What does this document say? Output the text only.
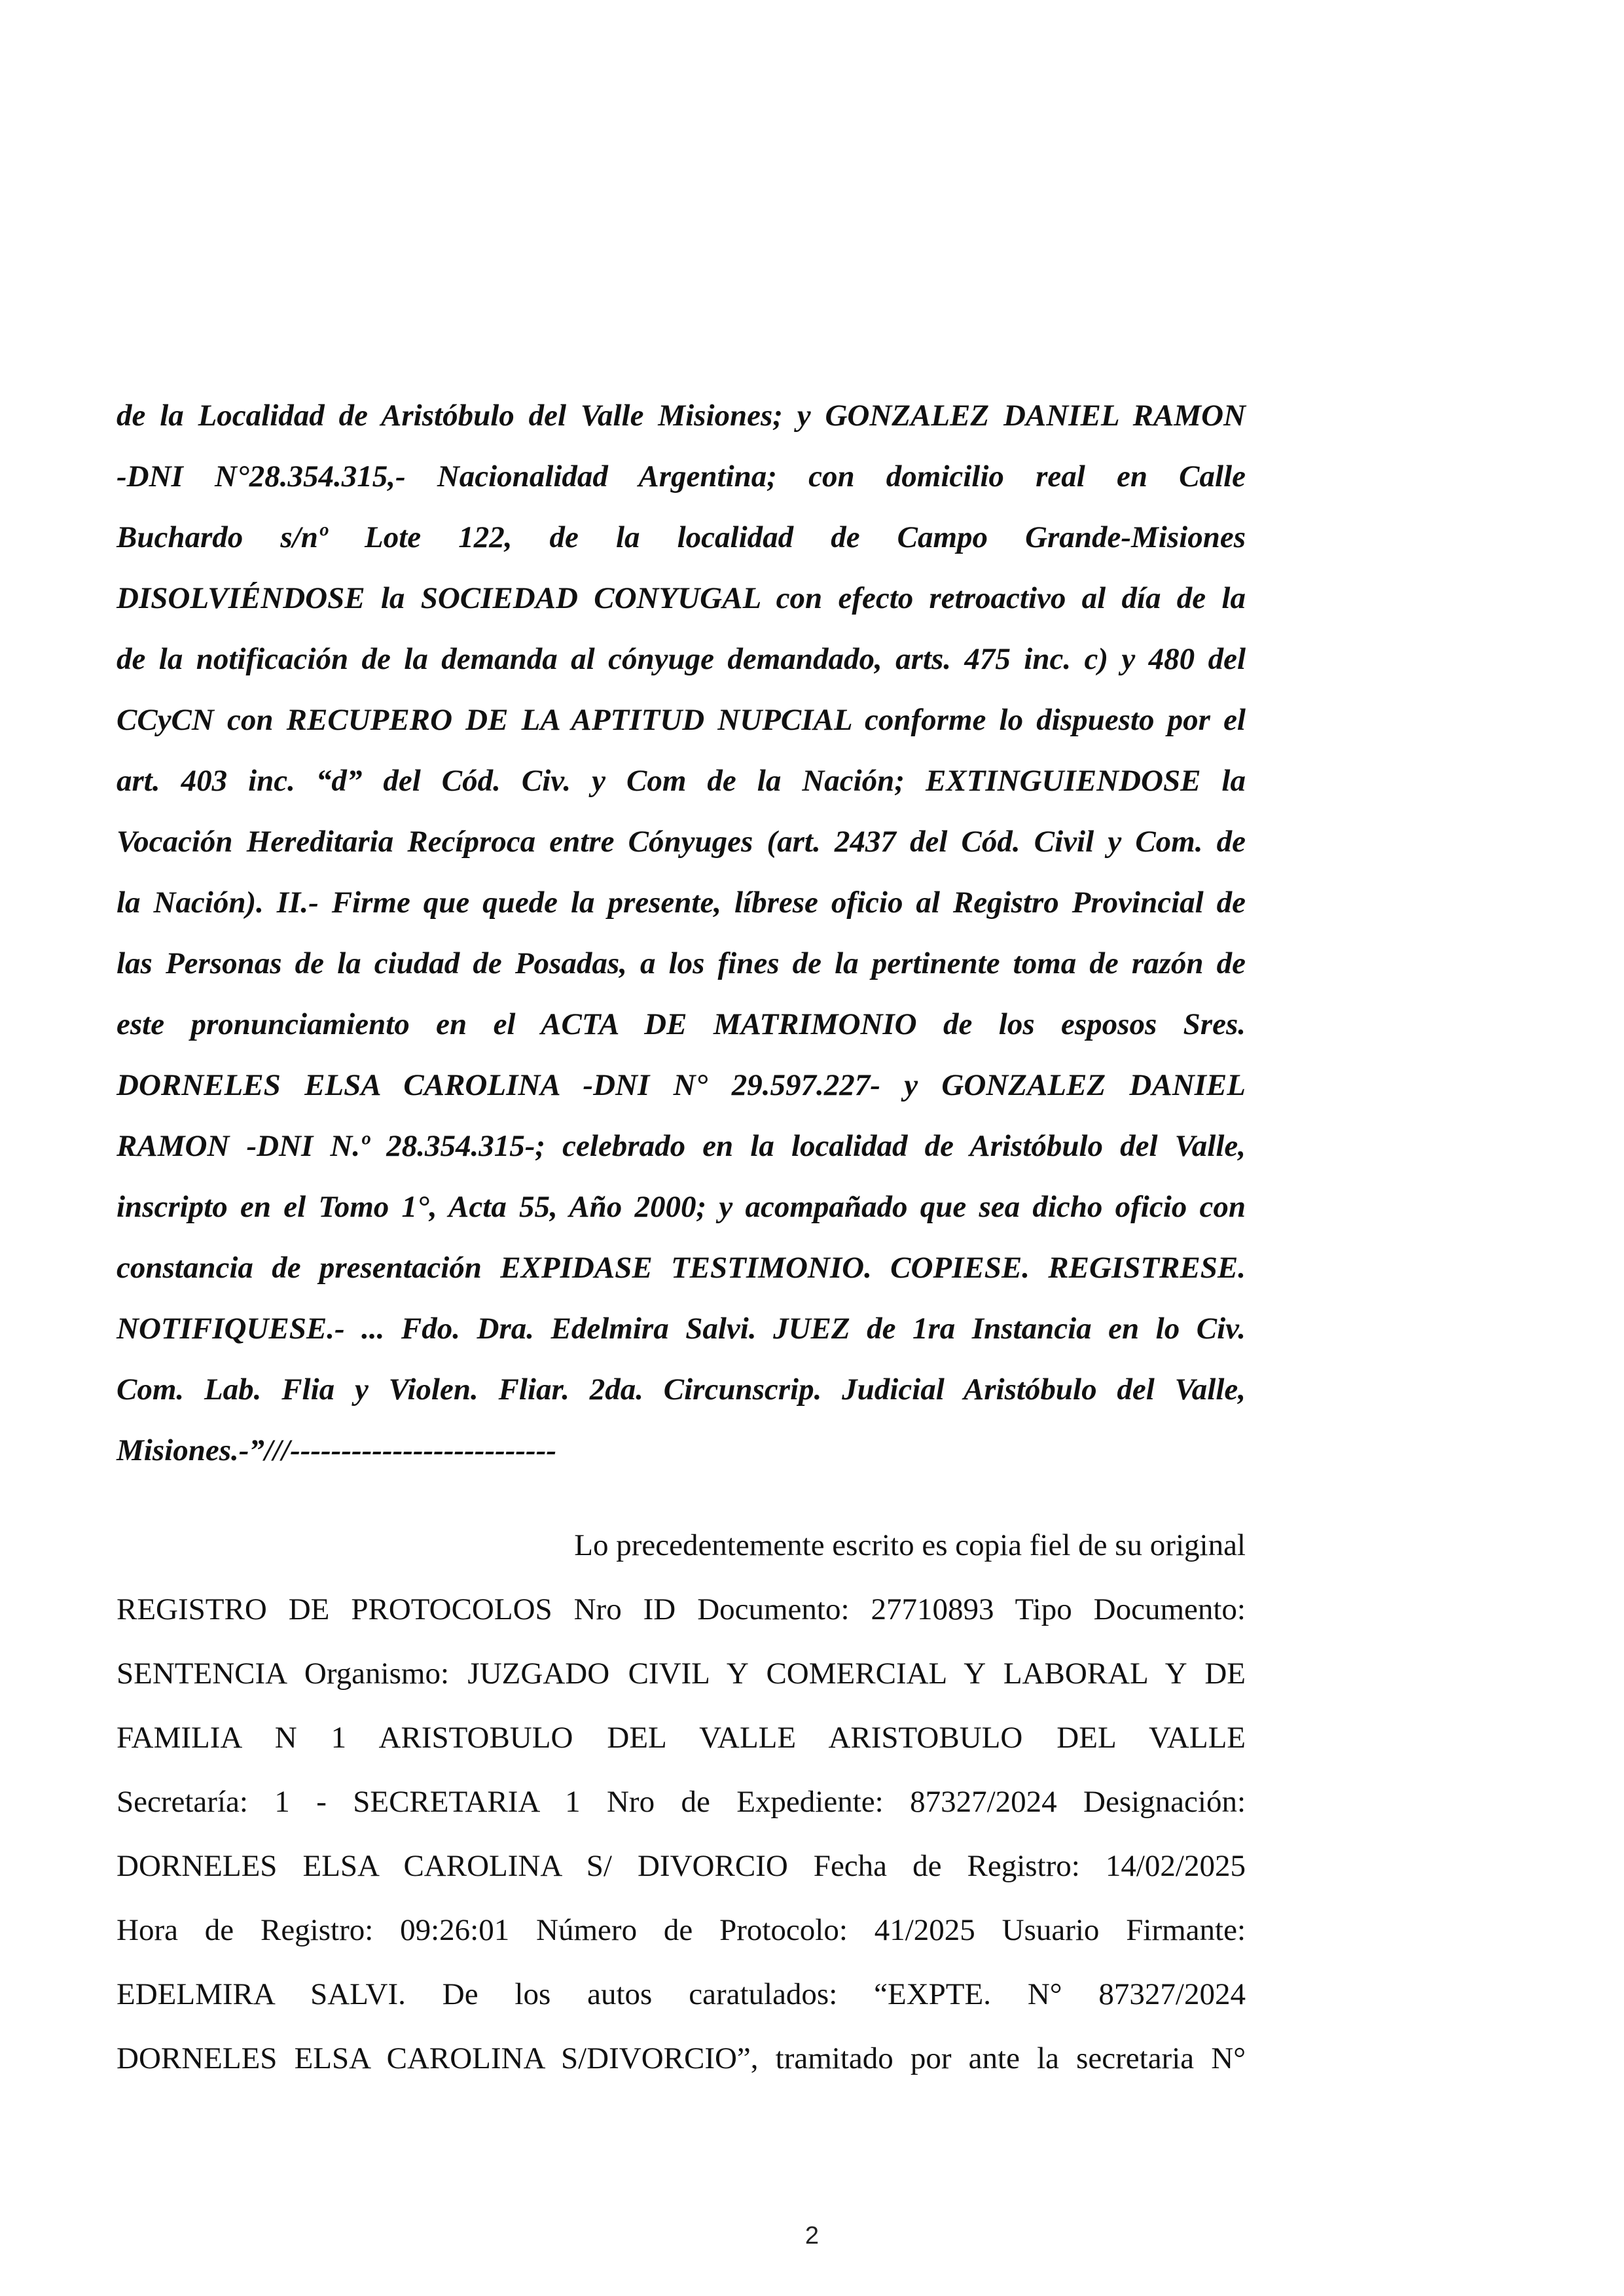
de la Localidad de Aristóbulo del Valle Misiones; y GONZALEZ DANIEL RAMON
-DNI N°28.354.315,- Nacionalidad Argentina; con domicilio real en Calle
Buchardo s/nº Lote 122, de la localidad de Campo Grande-Misiones
DISOLVIÉNDOSE la SOCIEDAD CONYUGAL con efecto retroactivo al día de la
de la notificación de la demanda al cónyuge demandado, arts. 475 inc. c) y 480 del
CCyCN con RECUPERO DE LA APTITUD NUPCIAL conforme lo dispuesto por el
art. 403 inc. “d” del Cód. Civ. y Com de la Nación; EXTINGUIENDOSE la
Vocación Hereditaria Recíproca entre Cónyuges (art. 2437 del Cód. Civil y Com. de
la Nación). II.- Firme que quede la presente, líbrese oficio al Registro Provincial de
las Personas de la ciudad de Posadas, a los fines de la pertinente toma de razón de
este pronunciamiento en el ACTA DE MATRIMONIO de los esposos Sres.
DORNELES ELSA CAROLINA -DNI N° 29.597.227- y GONZALEZ DANIEL
RAMON -DNI N.º 28.354.315-; celebrado en la localidad de Aristóbulo del Valle,
inscripto en el Tomo 1°, Acta 55, Año 2000; y acompañado que sea dicho oficio con
constancia de presentación EXPIDASE TESTIMONIO. COPIESE. REGISTRESE.
NOTIFIQUESE.- ... Fdo. Dra. Edelmira Salvi. JUEZ de 1ra Instancia en lo Civ.
Com. Lab. Flia y Violen. Fliar. 2da. Circunscrip. Judicial Aristóbulo del Valle,
Misiones.-”///--------------------------
Lo precedentemente escrito es copia fiel de su original
REGISTRO DE PROTOCOLOS Nro ID Documento: 27710893 Tipo Documento:
SENTENCIA Organismo: JUZGADO CIVIL Y COMERCIAL Y LABORAL Y DE
FAMILIA N 1 ARISTOBULO DEL VALLE ARISTOBULO DEL VALLE
Secretaría: 1 - SECRETARIA 1 Nro de Expediente: 87327/2024 Designación:
DORNELES ELSA CAROLINA S/ DIVORCIO Fecha de Registro: 14/02/2025
Hora de Registro: 09:26:01 Número de Protocolo: 41/2025 Usuario Firmante:
EDELMIRA SALVI. De los autos caratulados: “EXPTE. N° 87327/2024
DORNELES ELSA CAROLINA S/DIVORCIO”, tramitado por ante la secretaria N°
2
